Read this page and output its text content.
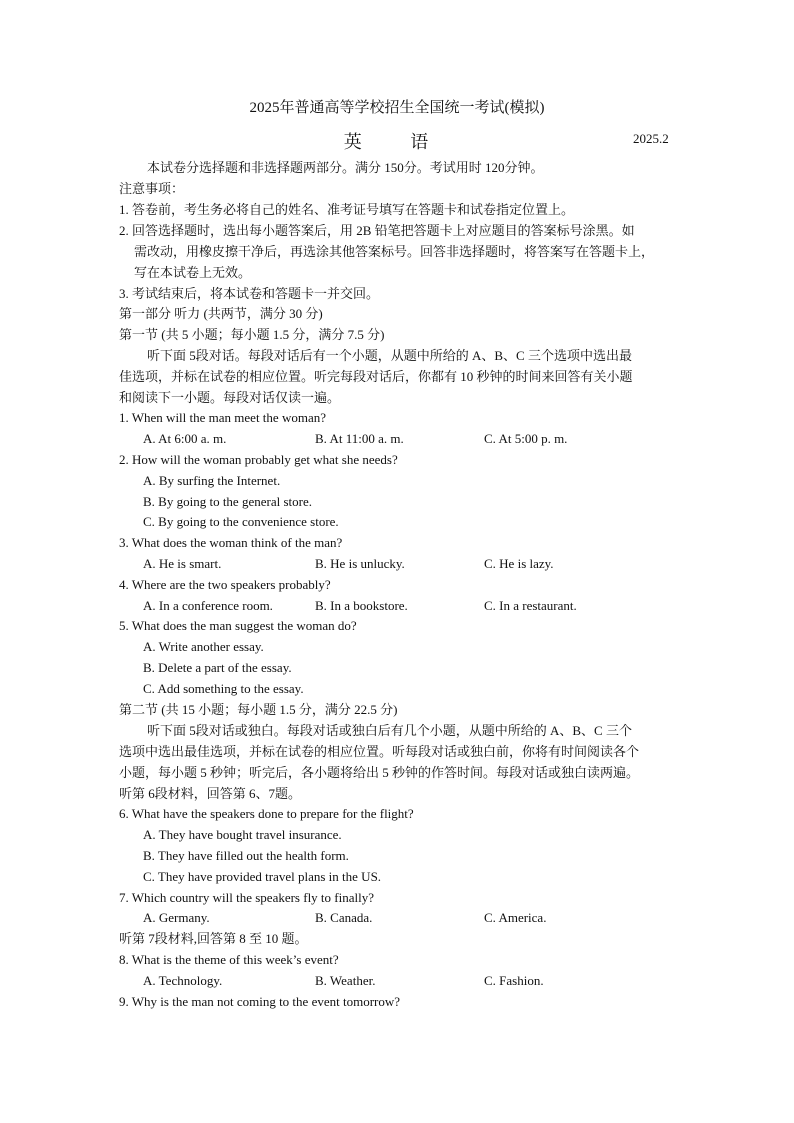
2025年普通高等学校招生全国统一考试(模拟)
英 语	2025.2
本试卷分选择题和非选择题两部分。满分 150分。考试用时 120分钟。
注意事项：
1. 答卷前，考生务必将自己的姓名、准考证号填写在答题卡和试卷指定位置上。
2. 回答选择题时，选出每小题答案后，用 2B 铅笔把答题卡上对应题目的答案标号涂黑。如
需改动，用橡皮擦干净后，再选涂其他答案标号。回答非选择题时，将答案写在答题卡上，
写在本试卷上无效。
3. 考试结束后，将本试卷和答题卡一并交回。
第一部分 听力 (共两节，满分 30 分)
第一节 (共 5 小题；每小题 1.5 分，满分 7.5 分)
听下面 5段对话。每段对话后有一个小题，从题中所给的 A、B、C 三个选项中选出最
佳选项，并标在试卷的相应位置。听完每段对话后，你都有 10 秒钟的时间来回答有关小题
和阅读下一小题。每段对话仅读一遍。
1. When will the man meet the woman?
A. At 6:00 a. m.	B. At 11:00 a. m.	C. At 5:00 p. m.
2. How will the woman probably get what she needs?
A. By surfing the Internet.
B. By going to the general store.
C. By going to the convenience store.
3. What does the woman think of the man?
A. He is smart.	B. He is unlucky.	C. He is lazy.
4. Where are the two speakers probably?
A. In a conference room.	B. In a bookstore.	C. In a restaurant.
5. What does the man suggest the woman do?
A. Write another essay.
B. Delete a part of the essay.
C. Add something to the essay.
第二节 (共 15 小题；每小题 1.5 分，满分 22.5 分)
听下面 5段对话或独白。每段对话或独白后有几个小题，从题中所给的 A、B、C 三个
选项中选出最佳选项，并标在试卷的相应位置。听每段对话或独白前，你将有时间阅读各个
小题，每小题 5 秒钟；听完后，各小题将给出 5 秒钟的作答时间。每段对话或独白读两遍。
听第 6段材料，回答第 6、7题。
6. What have the speakers done to prepare for the flight?
A. They have bought travel insurance.
B. They have filled out the health form.
C. They have provided travel plans in the US.
7. Which country will the speakers fly to finally?
A. Germany.	B. Canada.	C. America.
听第 7段材料,回答第 8 至 10 题。
8. What is the theme of this week’s event?
A. Technology.	B. Weather.	C. Fashion.
9. Why is the man not coming to the event tomorrow?
